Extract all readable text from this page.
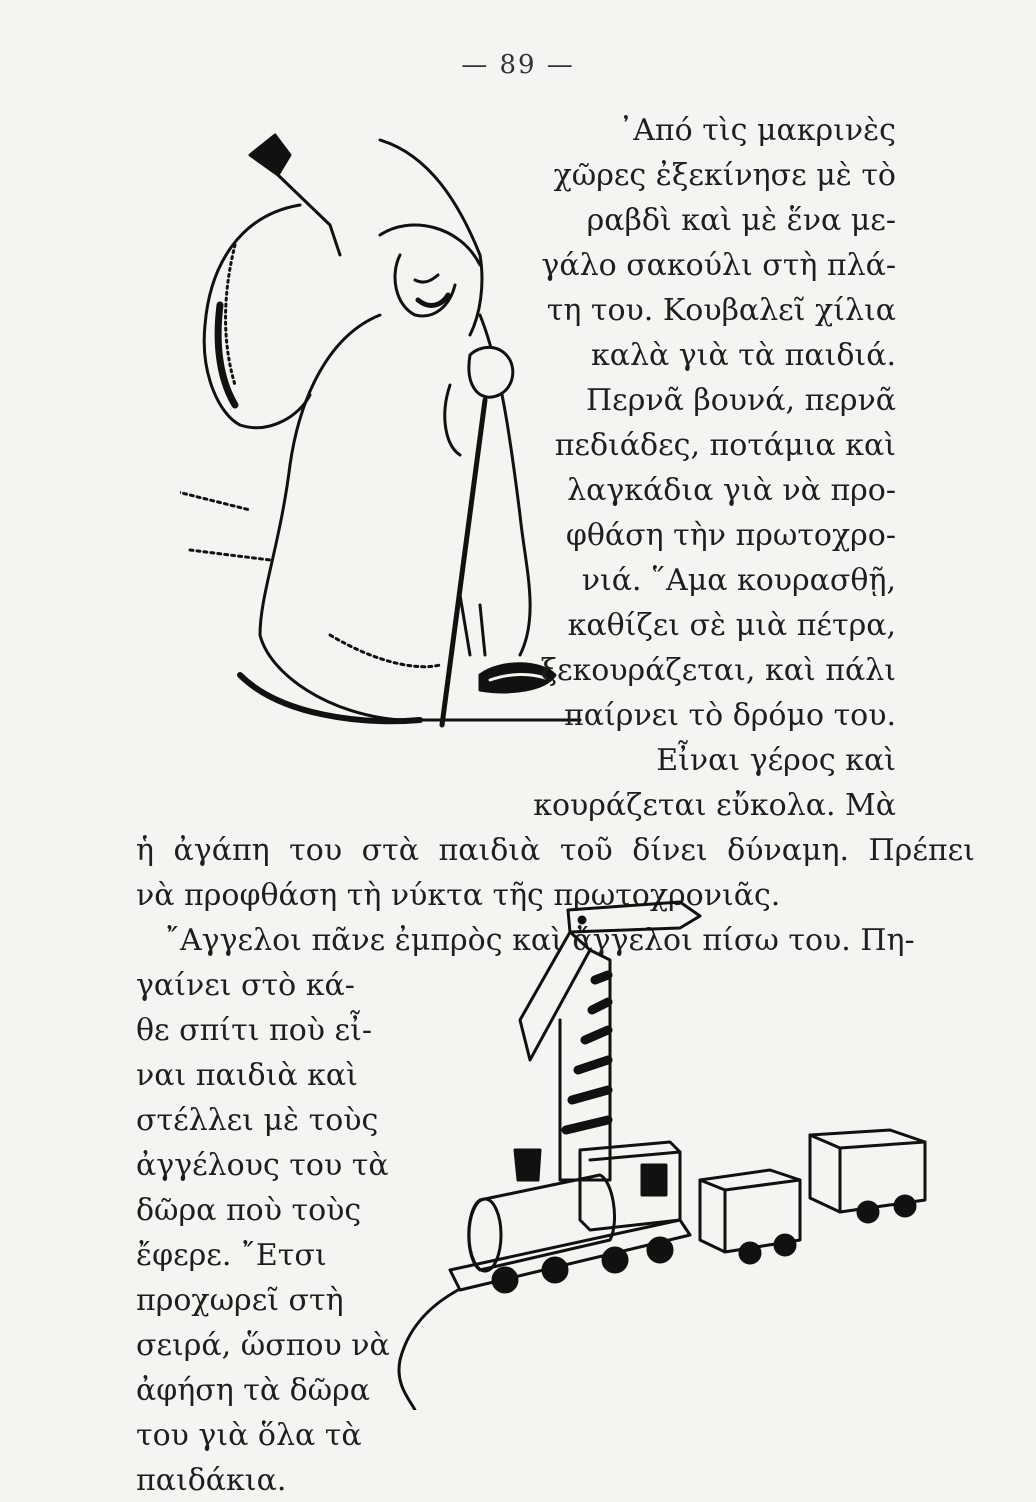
— 89 —

᾿Από τὶς μακρινὲς

χῶρες ἐξεκίνησε μὲ τὸ

ραβδὶ καὶ μὲ ἕνα με-

γάλο σακούλι στὴ πλά-

τη του. Κουβαλεῖ χίλια

καλὰ γιὰ τὰ παιδιά.

Περνᾶ βουνά, περνᾶ

πεδιάδες, ποτάμια καὶ

λαγκάδια γιὰ νὰ προ-

φθάση τὴν πρωτοχρο-

νιά. ῞Αμα κουρασθῇ,

καθίζει σὲ μιὰ πέτρα,

ξεκουράζεται, καὶ πάλι

παίρνει τὸ δρόμο του.

Εἶναι γέρος καὶ

κουράζεται εὔκολα. Μὰ

ἡ ἀγάπη του στὰ παιδιὰ τοῦ δίνει δύναμη. Πρέπει

νὰ προφθάση τὴ νύκτα τῆς πρωτοχρονιᾶς.

῎Αγγελοι πᾶνε ἐμπρὸς καὶ ἄγγελοι πίσω του. Πη-

γαίνει στὸ κά-

θε σπίτι ποὺ εἶ-

ναι παιδιὰ καὶ

στέλλει μὲ τοὺς

ἀγγέλους του τὰ

δῶρα ποὺ τοὺς

ἔφερε. ῎Ετσι

προχωρεῖ στὴ

σειρά, ὥσπου νὰ

ἀφήση τὰ δῶρα

του γιὰ ὅλα τὰ

παιδάκια.
